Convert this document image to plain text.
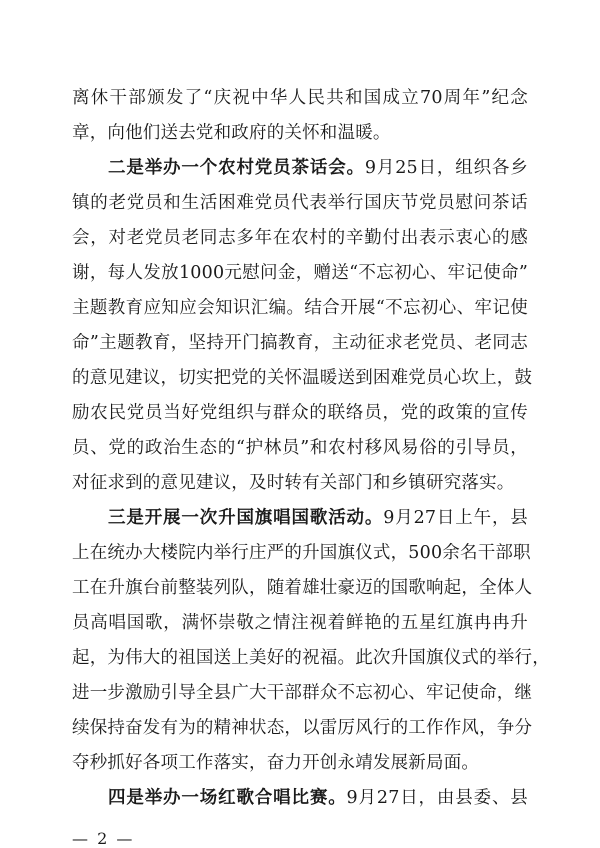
离休干部颁发了“庆祝中华人民共和国成立70周年”纪念
章，向他们送去党和政府的关怀和温暖。
二是举办一个农村党员茶话会。9月25日，组织各乡
镇的老党员和生活困难党员代表举行国庆节党员慰问茶话
会，对老党员老同志多年在农村的辛勤付出表示衷心的感
谢，每人发放1000元慰问金，赠送“不忘初心、牢记使命”
主题教育应知应会知识汇编。结合开展“不忘初心、牢记使
命”主题教育，坚持开门搞教育，主动征求老党员、老同志
的意见建议，切实把党的关怀温暖送到困难党员心坎上，鼓
励农民党员当好党组织与群众的联络员，党的政策的宣传
员、党的政治生态的“护林员”和农村移风易俗的引导员，
对征求到的意见建议，及时转有关部门和乡镇研究落实。
三是开展一次升国旗唱国歌活动。9月27日上午，县
上在统办大楼院内举行庄严的升国旗仪式，500余名干部职
工在升旗台前整装列队，随着雄壮豪迈的国歌响起，全体人
员高唱国歌，满怀崇敬之情注视着鲜艳的五星红旗冉冉升
起，为伟大的祖国送上美好的祝福。此次升国旗仪式的举行，
进一步激励引导全县广大干部群众不忘初心、牢记使命，继
续保持奋发有为的精神状态，以雷厉风行的工作作风，争分
夺秒抓好各项工作落实，奋力开创永靖发展新局面。
— 2 —
四是举办一场红歌合唱比赛。9月27日，由县委、县
